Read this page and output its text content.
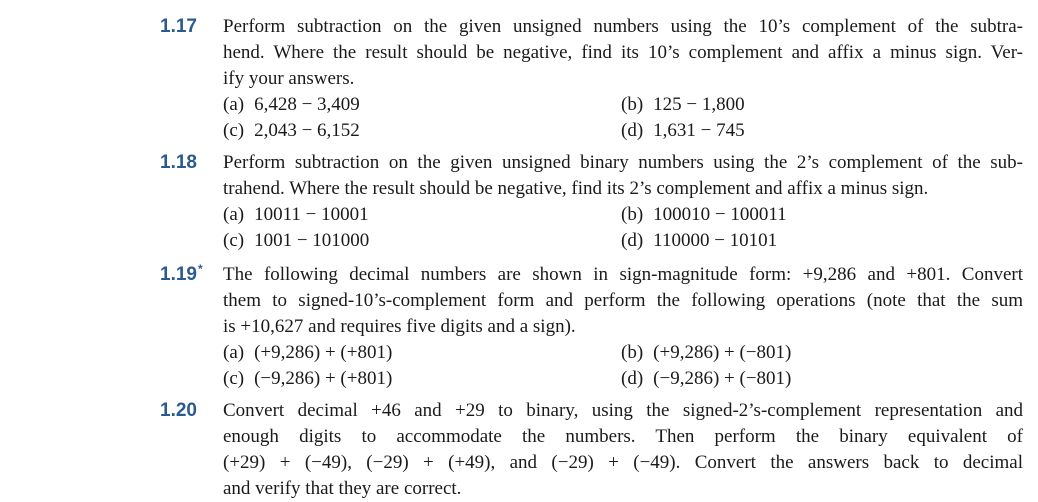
1.17 Perform subtraction on the given unsigned numbers using the 10’s complement of the subtra-
hend. Where the result should be negative, find its 10’s complement and affix a minus sign. Ver-
ify your answers.
(a) 6,428 − 3,409	(b) 125 − 1,800
(c) 2,043 − 6,152	(d) 1,631 − 745
1.18 Perform subtraction on the given unsigned binary numbers using the 2’s complement of the sub-
trahend. Where the result should be negative, find its 2’s complement and affix a minus sign.
(a) 10011 − 10001	(b) 100010 − 100011
(c) 1001 − 101000	(d) 110000 − 10101
1.19* The following decimal numbers are shown in sign-magnitude form: +9,286 and +801. Convert
them to signed-10’s-complement form and perform the following operations (note that the sum
is +10,627 and requires five digits and a sign).
(a) (+9,286) + (+801)	(b) (+9,286) + (−801)
(c) (−9,286) + (+801)	(d) (−9,286) + (−801)
1.20 Convert decimal +46 and +29 to binary, using the signed-2’s-complement representation and
enough digits to accommodate the numbers. Then perform the binary equivalent of
(+29) + (−49), (−29) + (+49), and (−29) + (−49). Convert the answers back to decimal
and verify that they are correct.
